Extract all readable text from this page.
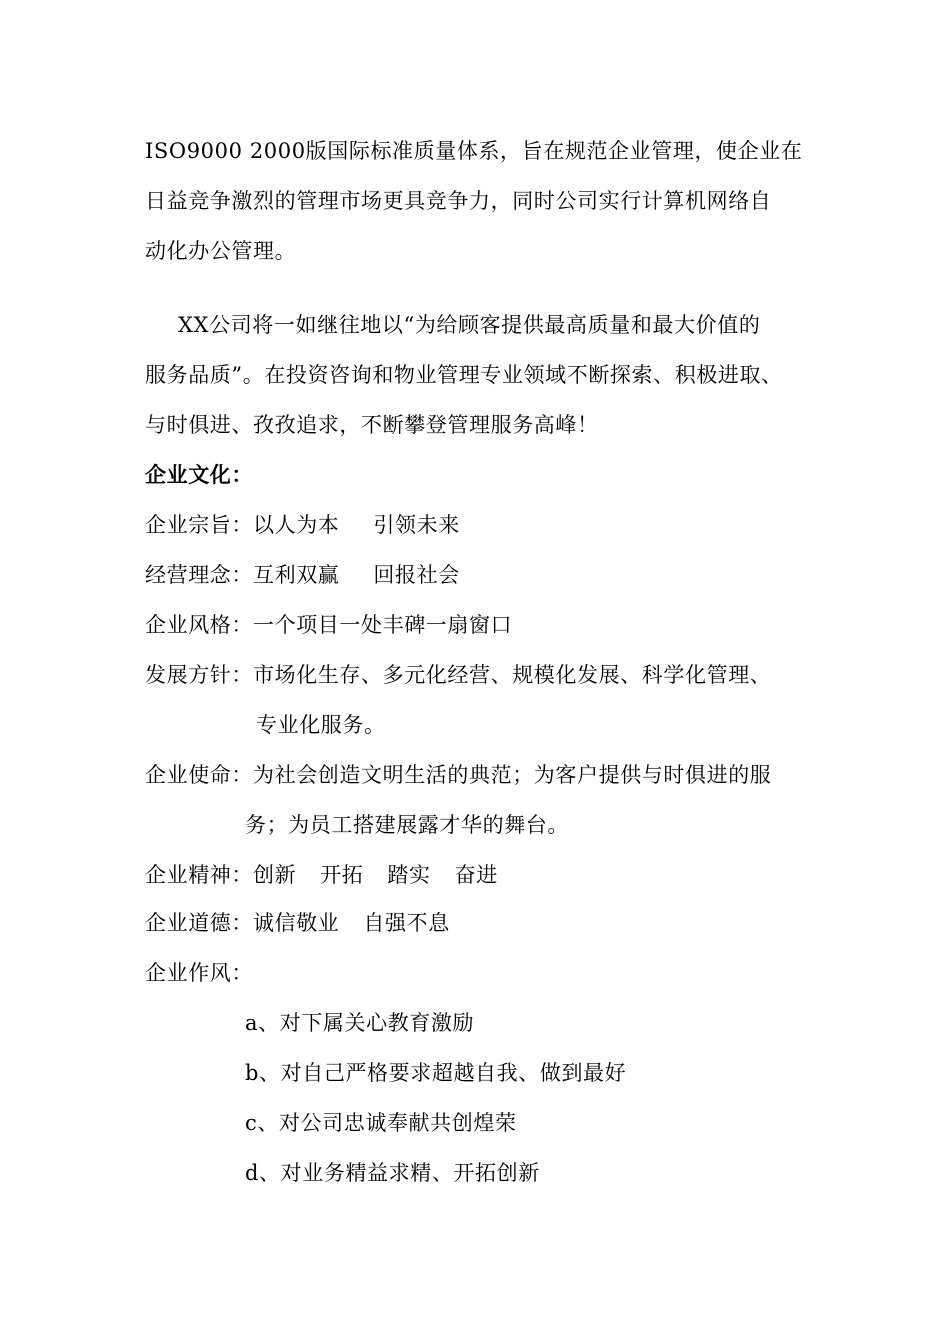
ISO9000 2000版国际标准质量体系，旨在规范企业管理，使企业在
日益竞争激烈的管理市场更具竞争力，同时公司实行计算机网络自
动化办公管理。
XX公司将一如继往地以“为给顾客提供最高质量和最大价值的
服务品质”。在投资咨询和物业管理专业领域不断探索、积极进取、
与时俱进、孜孜追求，不断攀登管理服务高峰！
企业文化：
企业宗旨：以人为本 引领未来
经营理念：互利双赢 回报社会
企业风格：一个项目一处丰碑一扇窗口
发展方针：市场化生存、多元化经营、规模化发展、科学化管理、
专业化服务。
企业使命：为社会创造文明生活的典范；为客户提供与时俱进的服
务；为员工搭建展露才华的舞台。
企业精神：创新 开拓 踏实 奋进
企业道德：诚信敬业 自强不息
企业作风：
a、对下属关心教育激励
b、对自己严格要求超越自我、做到最好
c、对公司忠诚奉献共创煌荣
d、对业务精益求精、开拓创新
